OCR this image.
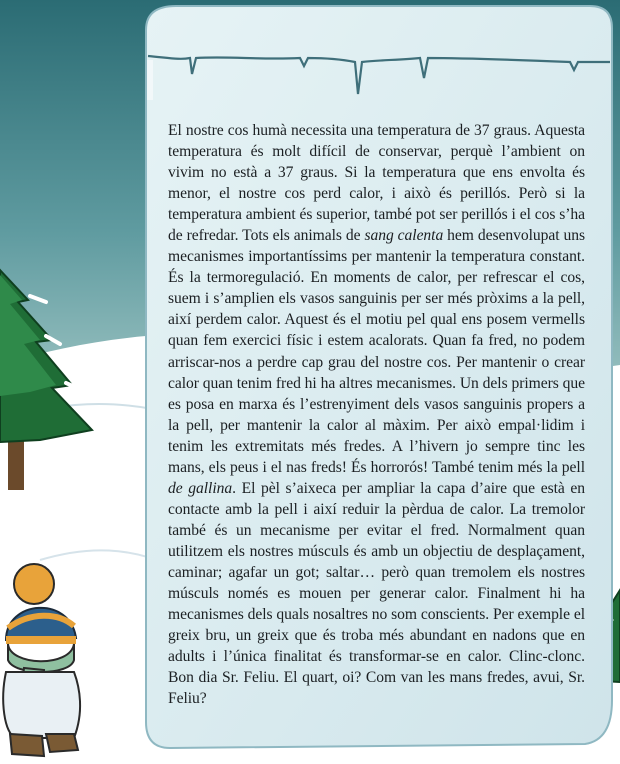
El nostre cos humà necessita una temperatura de 37 graus. Aquesta temperatura és molt difícil de conservar, perquè l’ambient on vivim no està a 37 graus. Si la temperatura que ens envolta és menor, el nostre cos perd calor, i això és perillós. Però si la temperatura ambient és superior, també pot ser perillós i el cos s’ha de refredar. Tots els animals de sang calenta hem desenvolupat uns mecanismes importantíssims per mantenir la temperatura constant. És la termoregulació. En moments de calor, per refrescar el cos, suem i s’amplien els vasos sanguinis per ser més pròxims a la pell, així perdem calor. Aquest és el motiu pel qual ens posem vermells quan fem exercici físic i estem acalorats. Quan fa fred, no podem arriscar-nos a perdre cap grau del nostre cos. Per mantenir o crear calor quan tenim fred hi ha altres mecanismes. Un dels primers que es posa en marxa és l’estrenyiment dels vasos sanguinis propers a la pell, per mantenir la calor al màxim. Per això empal·lidim i tenim les extremitats més fredes. A l’hivern jo sempre tinc les mans, els peus i el nas freds! És horrorós! També tenim més la pell de gallina. El pèl s’aixeca per ampliar la capa d’aire que està en contacte amb la pell i així reduir la pèrdua de calor. La tremolor també és un mecanisme per evitar el fred. Normalment quan utilitzem els nostres músculs és amb un objectiu de desplaçament, caminar; agafar un got; saltar… però quan tremolem els nostres músculs només es mouen per generar calor. Finalment hi ha mecanismes dels quals nosaltres no som conscients. Per exemple el greix bru, un greix que és troba més abundant en nadons que en adults i l’única finalitat és transformar-se en calor. Clinc-clonc. Bon dia Sr. Feliu. El quart, oi? Com van les mans fredes, avui, Sr. Feliu?
